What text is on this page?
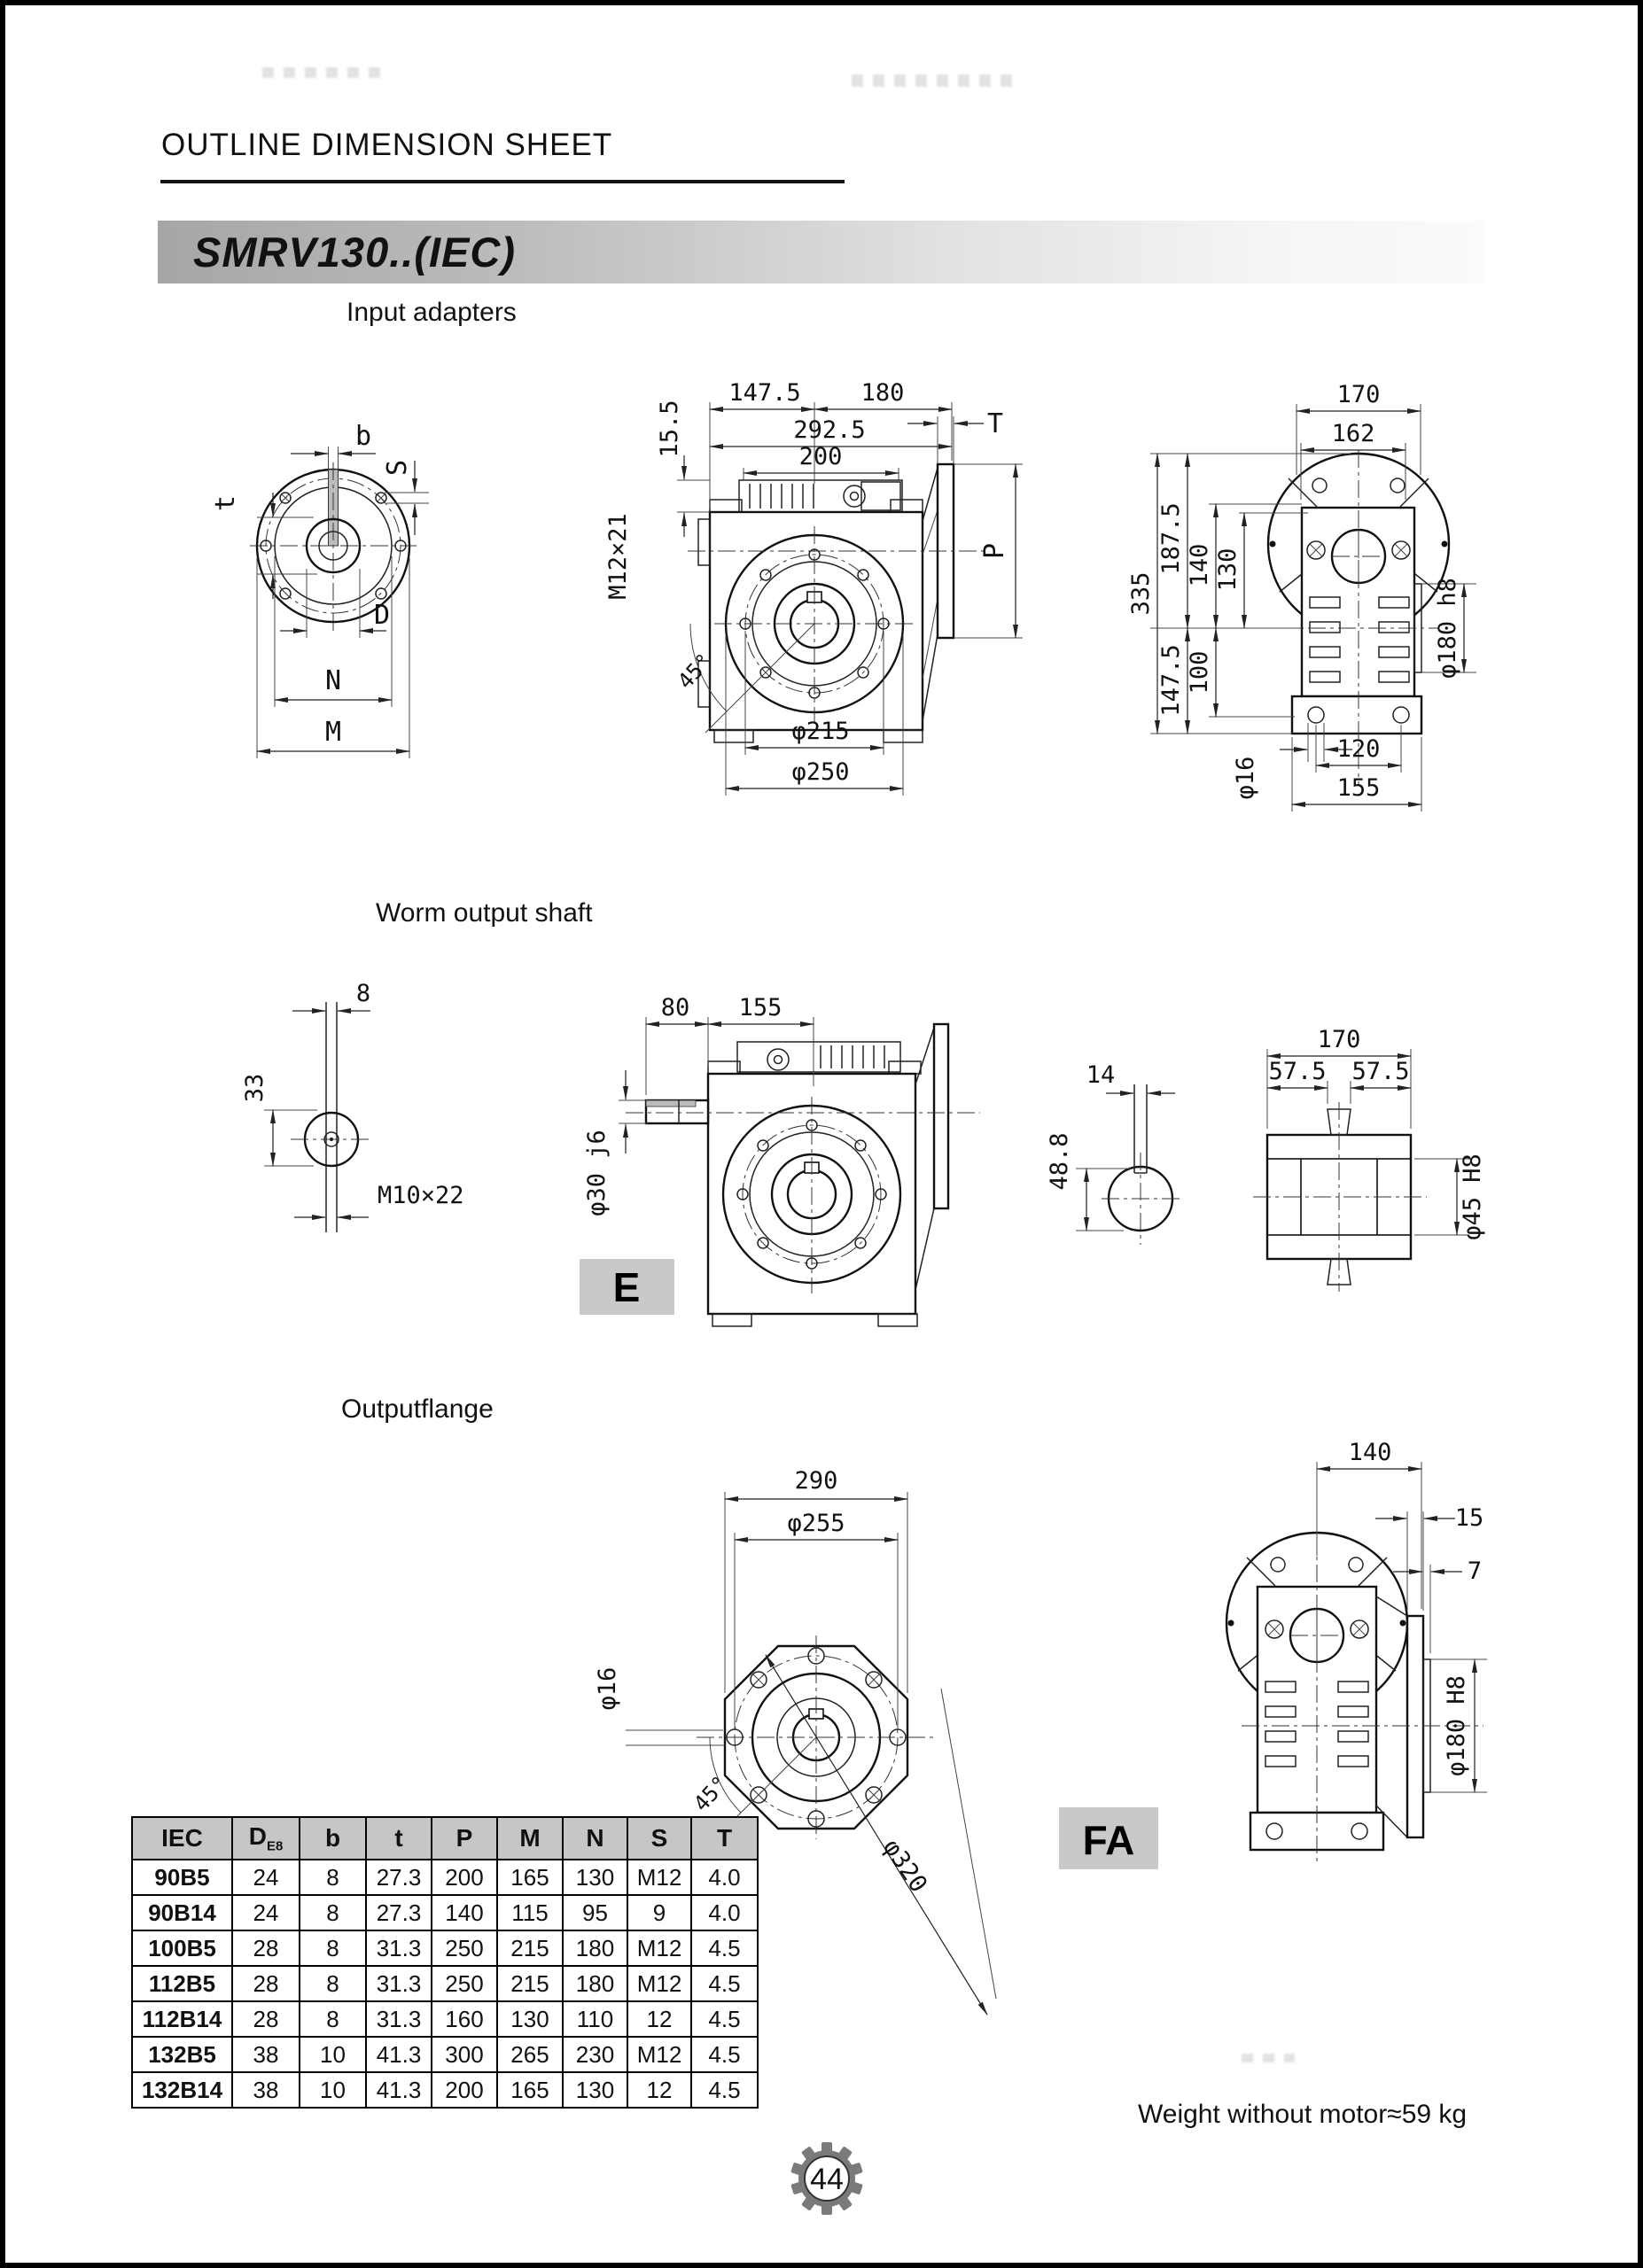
OUTLINE DIMENSION SHEET
SMRV130..(IEC)
Input adapters
Worm output shaft
Outputflange
b
S
t
D
N
M
45°
15.5
M12×21
147.5	180
292.5
200
T
P
φ215
φ250
170
162
335
187.5 140 130
147.5 100
φ16
120
155
φ180 h8
8
33
M10×22
80 155
φ30 j6
E
14
48.8
170
57.5 57.5
φ45 H8
290
φ255
φ16
45°
φ320
140
15
7
φ180 H8
FA
IEC	$D_{E8}$	b	t	P	M	N	S	T
90B5	24	8	27.3	200	165	130	M12	4.0
90B14	24	8	27.3	140	115	95	9	4.0
100B5	28	8	31.3	250	215	180	M12	4.5
112B5	28	8	31.3	250	215	180	M12	4.5
112B14	28	8	31.3	160	130	110	12	4.5
132B5	38	10	41.3	300	265	230	M12	4.5
132B14	38	10	41.3	200	165	130	12	4.5
Weight without motor≈59 kg
44
